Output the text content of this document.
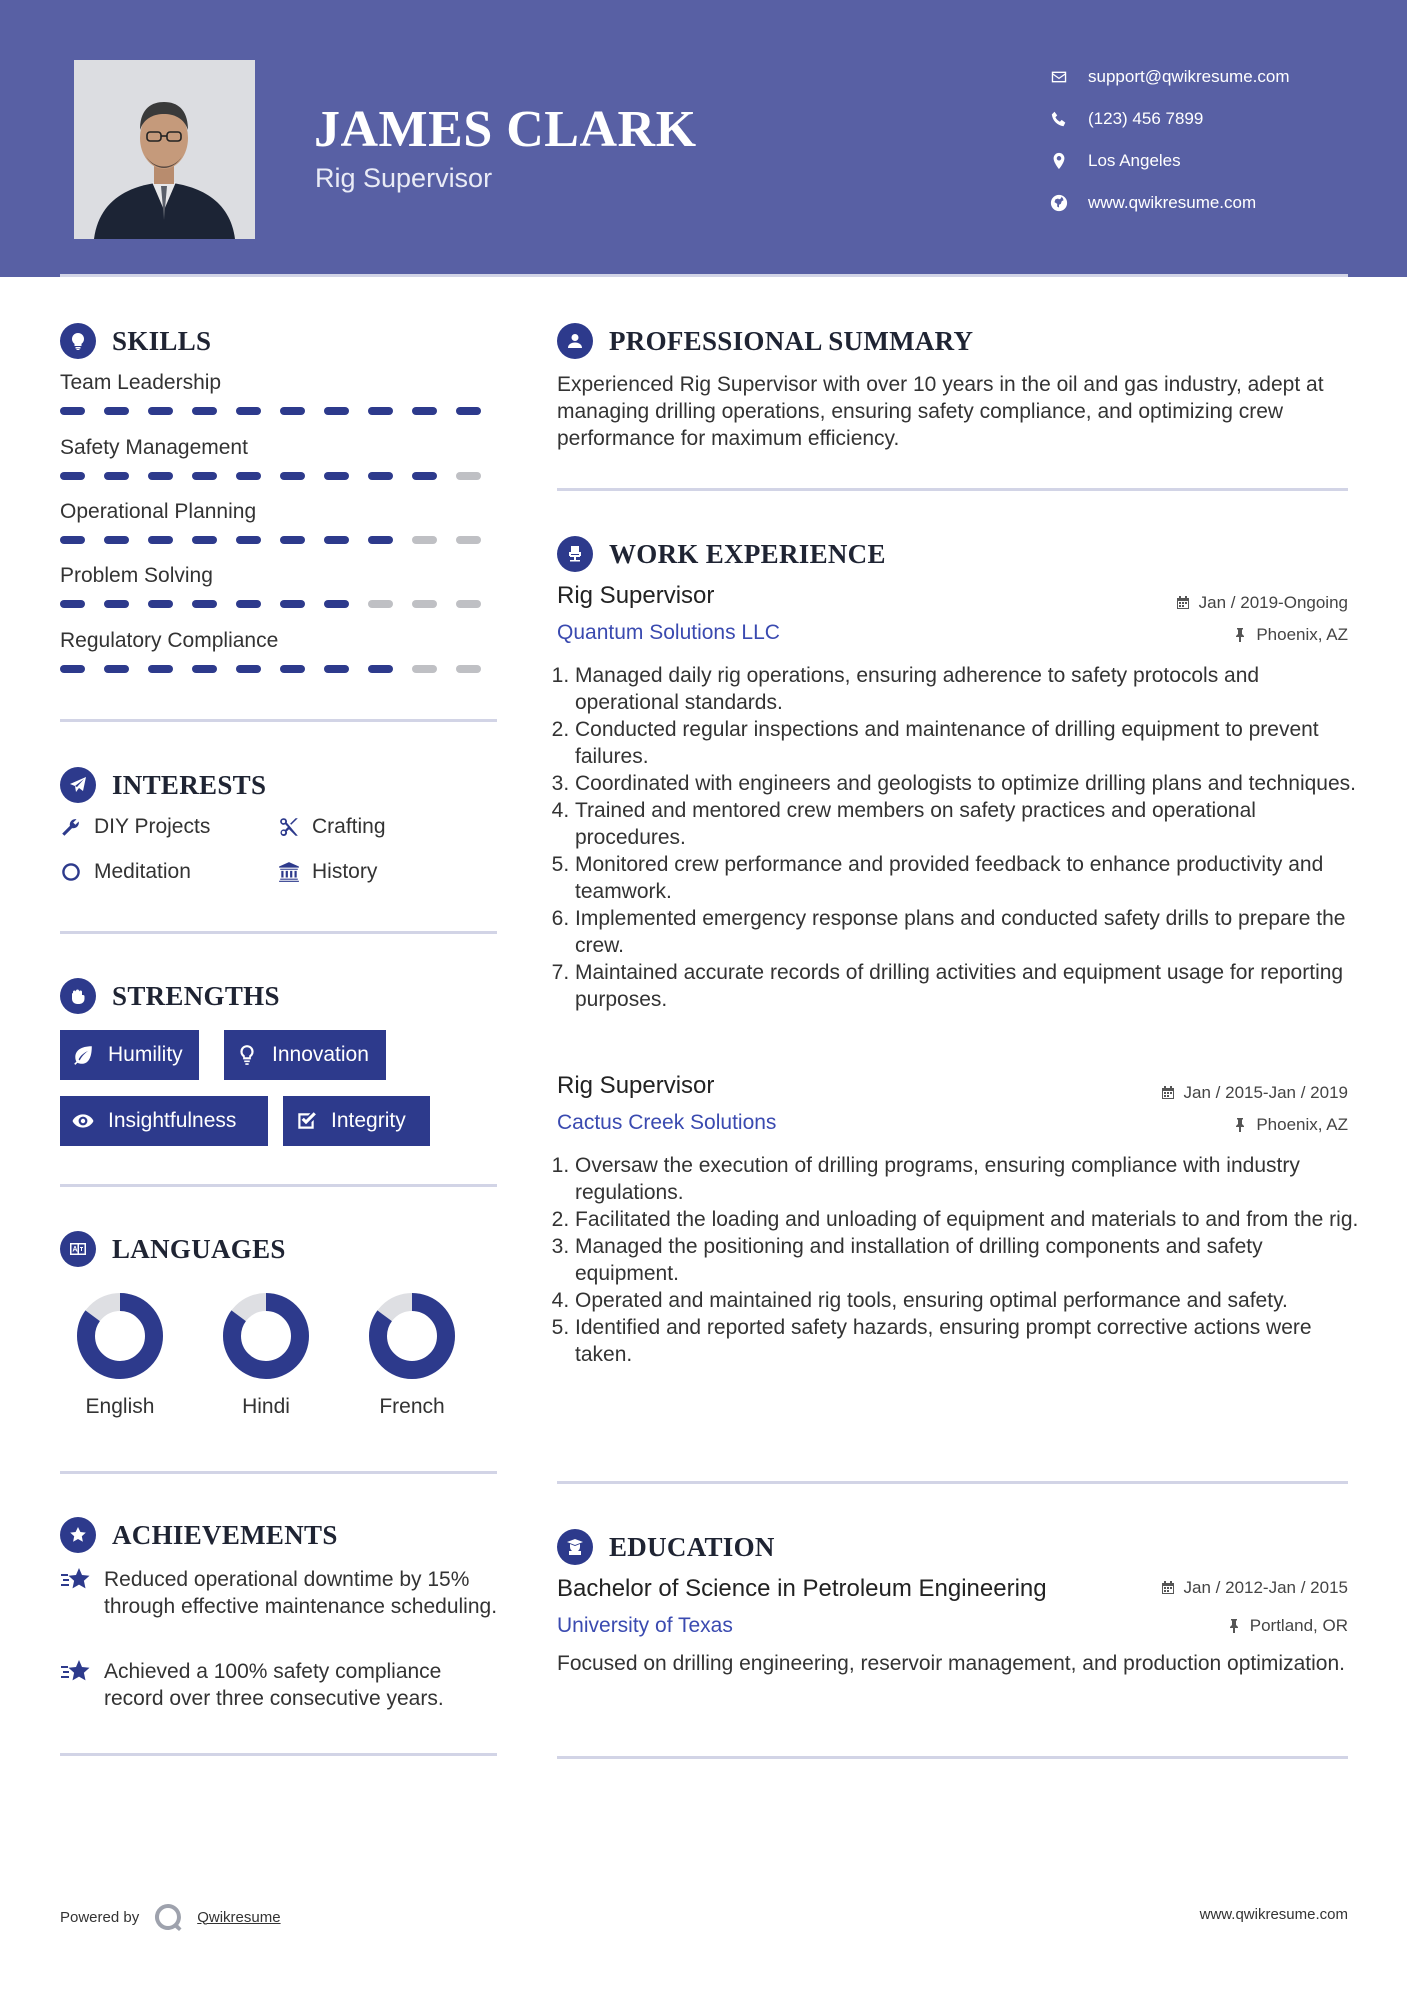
JAMES CLARK
Rig Supervisor
support@qwikresume.com
(123) 456 7899
Los Angeles
www.qwikresume.com
SKILLS
Team Leadership
Safety Management
Operational Planning
Problem Solving
Regulatory Compliance
INTERESTS
DIY Projects	Crafting
Meditation	History
STRENGTHS
Humility	Innovation
Insightfulness	Integrity
LANGUAGES
English	Hindi	French
ACHIEVEMENTS
Reduced operational downtime by 15% through effective maintenance scheduling.
Achieved a 100% safety compliance record over three consecutive years.
PROFESSIONAL SUMMARY
Experienced Rig Supervisor with over 10 years in the oil and gas industry, adept at managing drilling operations, ensuring safety compliance, and optimizing crew performance for maximum efficiency.
WORK EXPERIENCE
Rig Supervisor	Jan / 2019-Ongoing
Quantum Solutions LLC	Phoenix, AZ
1. Managed daily rig operations, ensuring adherence to safety protocols and operational standards.
2. Conducted regular inspections and maintenance of drilling equipment to prevent failures.
3. Coordinated with engineers and geologists to optimize drilling plans and techniques.
4. Trained and mentored crew members on safety practices and operational procedures.
5. Monitored crew performance and provided feedback to enhance productivity and teamwork.
6. Implemented emergency response plans and conducted safety drills to prepare the crew.
7. Maintained accurate records of drilling activities and equipment usage for reporting purposes.
Rig Supervisor	Jan / 2015-Jan / 2019
Cactus Creek Solutions	Phoenix, AZ
1. Oversaw the execution of drilling programs, ensuring compliance with industry regulations.
2. Facilitated the loading and unloading of equipment and materials to and from the rig.
3. Managed the positioning and installation of drilling components and safety equipment.
4. Operated and maintained rig tools, ensuring optimal performance and safety.
5. Identified and reported safety hazards, ensuring prompt corrective actions were taken.
EDUCATION
Bachelor of Science in Petroleum Engineering	Jan / 2012-Jan / 2015
University of Texas	Portland, OR
Focused on drilling engineering, reservoir management, and production optimization.
Powered by	Qwikresume	www.qwikresume.com
